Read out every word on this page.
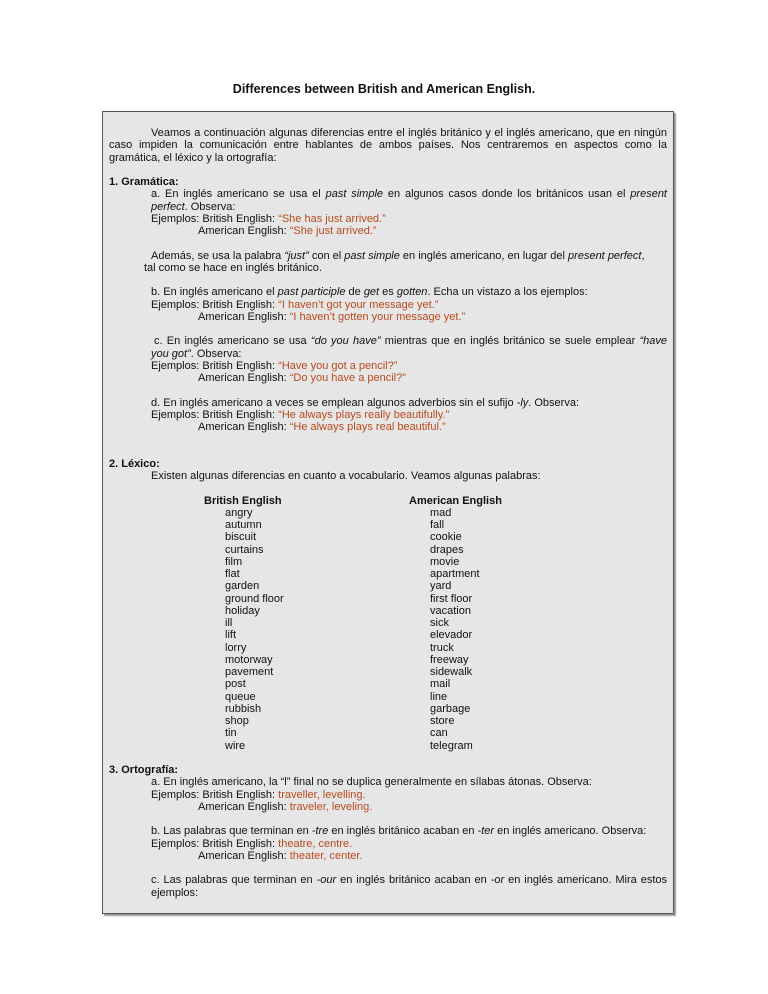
Differences between British and American English.
Veamos a continuación algunas diferencias entre el inglés británico y el inglés americano, que en ningún caso impiden la comunicación entre hablantes de ambos países. Nos centraremos en aspectos como la gramática, el léxico y la ortografía:
1. Gramática:
a. En inglés americano se usa el past simple en algunos casos donde los británicos usan el present perfect. Observa:
Ejemplos: British English: “She has just arrived.”
American English: “She just arrived.”
Además, se usa la palabra “just” con el past simple en inglés americano, en lugar del present perfect, tal como se hace en inglés británico.
b. En inglés americano el past participle de get es gotten. Echa un vistazo a los ejemplos:
Ejemplos: British English: “I haven’t got your message yet.”
American English: “I haven’t gotten your message yet.”
c. En inglés americano se usa “do you have” mientras que en inglés británico se suele emplear “have you got”. Observa:
Ejemplos: British English: “Have you got a pencil?”
American English: “Do you have a pencil?”
d. En inglés americano a veces se emplean algunos adverbios sin el sufijo -ly. Observa:
Ejemplos: British English: “He always plays really beautifully.”
American English: “He always plays real beautiful.”
2. Léxico:
Existen algunas diferencias en cuanto a vocabulario. Veamos algunas palabras:
British English
angry
autumn
biscuit
curtains
film
flat
garden
ground floor
holiday
ill
lift
lorry
motorway
pavement
post
queue
rubbish
shop
tin
wire
American English
mad
fall
cookie
drapes
movie
apartment
yard
first floor
vacation
sick
elevador
truck
freeway
sidewalk
mail
line
garbage
store
can
telegram
3. Ortografía:
a. En inglés americano, la “l” final no se duplica generalmente en sílabas átonas. Observa:
Ejemplos: British English: traveller, levelling.
American English: traveler, leveling.
b. Las palabras que terminan en -tre en inglés británico acaban en -ter en inglés americano. Observa:
Ejemplos: British English: theatre, centre.
American English: theater, center.
c. Las palabras que terminan en -our en inglés británico acaban en -or en inglés americano. Mira estos ejemplos:
